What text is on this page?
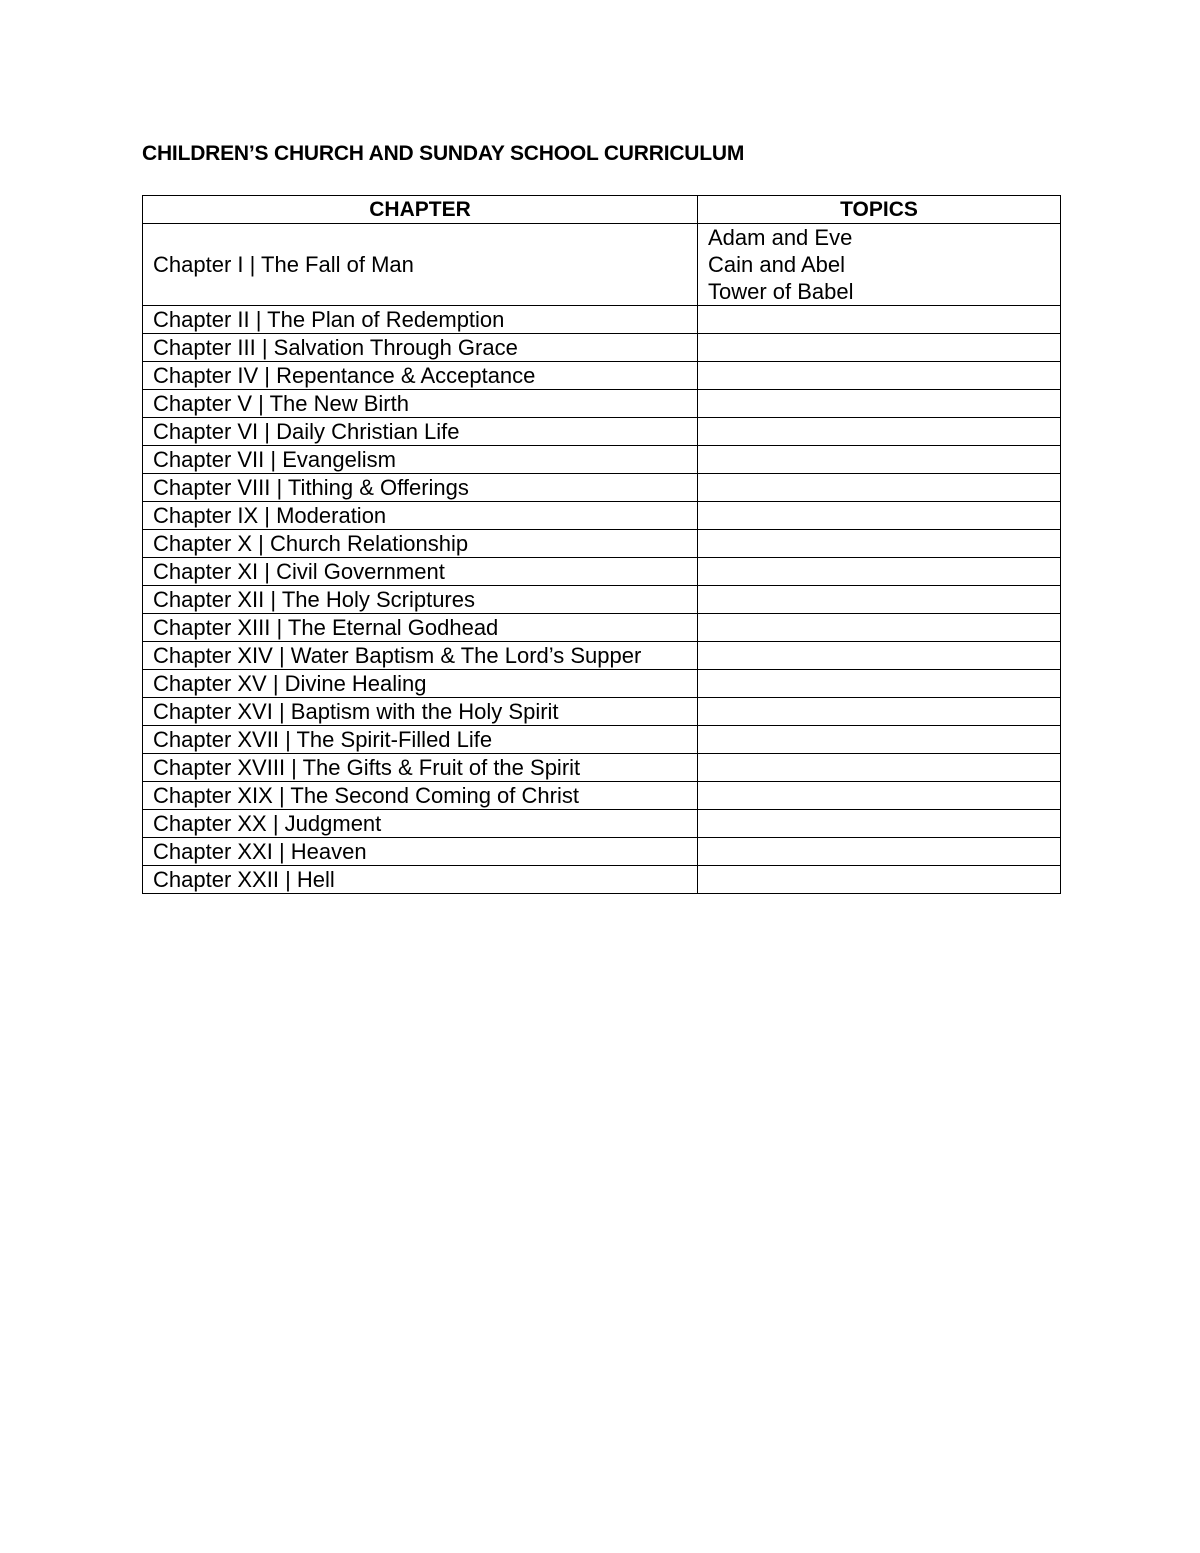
CHILDREN’S CHURCH AND SUNDAY SCHOOL CURRICULUM
CHAPTER	TOPICS
Chapter I | The Fall of Man	Adam and Eve
Cain and Abel
Tower of Babel

Chapter II | The Plan of Redemption	
Chapter III | Salvation Through Grace	
Chapter IV | Repentance & Acceptance	
Chapter V | The New Birth	
Chapter VI | Daily Christian Life	
Chapter VII | Evangelism	
Chapter VIII | Tithing & Offerings	
Chapter IX | Moderation	
Chapter X | Church Relationship	
Chapter XI | Civil Government	
Chapter XII | The Holy Scriptures	
Chapter XIII | The Eternal Godhead	
Chapter XIV | Water Baptism & The Lord’s Supper	
Chapter XV | Divine Healing	
Chapter XVI | Baptism with the Holy Spirit	
Chapter XVII | The Spirit-Filled Life	
Chapter XVIII | The Gifts & Fruit of the Spirit	
Chapter XIX | The Second Coming of Christ	
Chapter XX | Judgment	
Chapter XXI | Heaven	
Chapter XXII | Hell	
